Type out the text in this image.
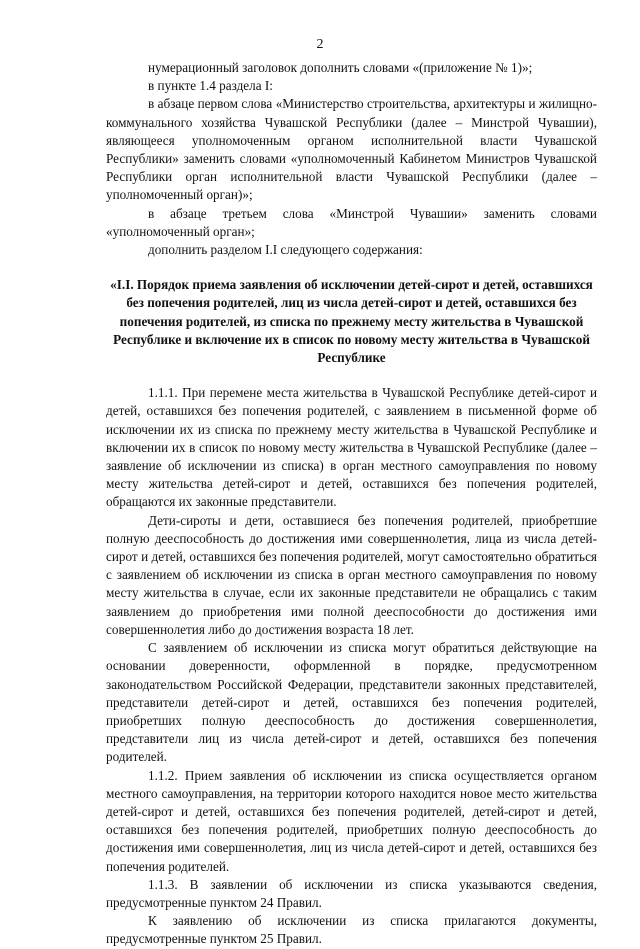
2

нумерационный заголовок дополнить словами «(приложение № 1)»;

в пункте 1.4 раздела I:

в абзаце первом слова «Министерство строительства, архитектуры и жилищно-коммунального хозяйства Чувашской Республики (далее – Минстрой Чувашии), являющееся уполномоченным органом исполнительной власти Чувашской Республики» заменить словами «уполномоченный Кабинетом Министров Чувашской Республики орган исполнительной власти Чувашской Республики (далее – уполномоченный орган)»;

в абзаце третьем слова «Минстрой Чувашии» заменить словами «уполномоченный орган»;

дополнить разделом I.I следующего содержания:

«I.I. Порядок приема заявления об исключении детей-сирот и детей, оставшихся без попечения родителей, лиц из числа детей-сирот и детей, оставшихся без попечения родителей, из списка по прежнему месту жительства в Чувашской Республике и включение их в список по новому месту жительства в Чувашской Республике

1.1.1. При перемене места жительства в Чувашской Республике детей-сирот и детей, оставшихся без попечения родителей, с заявлением в письменной форме об исключении их из списка по прежнему месту жительства в Чувашской Республике и включении их в список по новому месту жительства в Чувашской Республике (далее – заявление об исключении из списка) в орган местного самоуправления по новому месту жительства детей-сирот и детей, оставшихся без попечения родителей, обращаются их законные представители.

Дети-сироты и дети, оставшиеся без попечения родителей, приобретшие полную дееспособность до достижения ими совершеннолетия, лица из числа детей-сирот и детей, оставшихся без попечения родителей, могут самостоятельно обратиться с заявлением об исключении из списка в орган местного самоуправления по новому месту жительства в случае, если их законные представители не обращались с таким заявлением до приобретения ими полной дееспособности до достижения ими совершеннолетия либо до достижения возраста 18 лет.

С заявлением об исключении из списка могут обратиться действующие на основании доверенности, оформленной в порядке, предусмотренном законодательством Российской Федерации, представители законных представителей, представители детей-сирот и детей, оставшихся без попечения родителей, приобретших полную дееспособность до достижения совершеннолетия, представители лиц из числа детей-сирот и детей, оставшихся без попечения родителей.

1.1.2. Прием заявления об исключении из списка осуществляется органом местного самоуправления, на территории которого находится новое место жительства детей-сирот и детей, оставшихся без попечения родителей, детей-сирот и детей, оставшихся без попечения родителей, приобретших полную дееспособность до достижения ими совершеннолетия, лиц из числа детей-сирот и детей, оставшихся без попечения родителей.

1.1.3. В заявлении об исключении из списка указываются сведения, предусмотренные пунктом 24 Правил.

К заявлению об исключении из списка прилагаются документы, предусмотренные пунктом 25 Правил.
